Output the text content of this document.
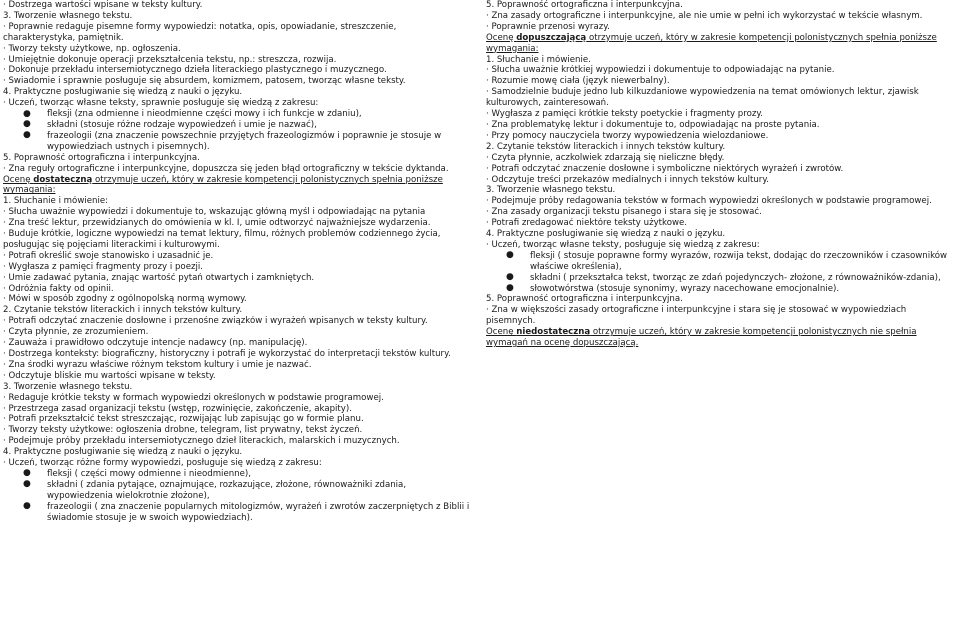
· Dostrzega wartości wpisane w teksty kultury.
3. Tworzenie własnego tekstu.
· Poprawnie redaguje pisemne formy wypowiedzi: notatka, opis, opowiadanie, streszczenie,
charakterystyka, pamiętnik.
· Tworzy teksty użytkowe, np. ogłoszenia.
· Umiejętnie dokonuje operacji przekształcenia tekstu, np.: streszcza, rozwija.
· Dokonuje przekładu intersemiotycznego dzieła literackiego plastycznego i muzycznego.
· Świadomie i sprawnie posługuje się absurdem, komizmem, patosem, tworząc własne teksty.
4. Praktyczne posługiwanie się wiedzą z nauki o języku.
· Uczeń, tworząc własne teksty, sprawnie posługuje się wiedzą z zakresu:
● fleksji (zna odmienne i nieodmienne części mowy i ich funkcje w zdaniu),
● składni (stosuje różne rodzaje wypowiedzeń i umie je nazwać),
● frazeologii (zna znaczenie powszechnie przyjętych frazeologizmów i poprawnie je stosuje w wypowiedziach ustnych i pisemnych).
5. Poprawność ortograficzna i interpunkcyjna.
· Zna reguły ortograficzne i interpunkcyjne, dopuszcza się jeden błąd ortograficzny w tekście dyktanda.
Ocenę dostateczną otrzymuje uczeń, który w zakresie kompetencji polonistycznych spełnia poniższe
wymagania:
1. Słuchanie i mówienie:
· Słucha uważnie wypowiedzi i dokumentuje to, wskazując główną myśl i odpowiadając na pytania
· Zna treść lektur, przewidzianych do omówienia w kl. I, umie odtworzyć najważniejsze wydarzenia.
· Buduje krótkie, logiczne wypowiedzi na temat lektury, filmu, różnych problemów codziennego życia,
posługując się pojęciami literackimi i kulturowymi.
· Potrafi określić swoje stanowisko i uzasadnić je.
· Wygłasza z pamięci fragmenty prozy i poezji.
· Umie zadawać pytania, znając wartość pytań otwartych i zamkniętych.
· Odróżnia fakty od opinii.
· Mówi w sposób zgodny z ogólnopolską normą wymowy.
2. Czytanie tekstów literackich i innych tekstów kultury.
· Potrafi odczytać znaczenie dosłowne i przenośne związków i wyrażeń wpisanych w teksty kultury.
· Czyta płynnie, ze zrozumieniem.
· Zauważa i prawidłowo odczytuje intencje nadawcy (np. manipulację).
· Dostrzega konteksty: biograficzny, historyczny i potrafi je wykorzystać do interpretacji tekstów kultury.
· Zna środki wyrazu właściwe różnym tekstom kultury i umie je nazwać.
· Odczytuje bliskie mu wartości wpisane w teksty.
3. Tworzenie własnego tekstu.
· Redaguje krótkie teksty w formach wypowiedzi określonych w podstawie programowej.
· Przestrzega zasad organizacji tekstu (wstęp, rozwinięcie, zakończenie, akapity).
· Potrafi przekształcić tekst streszczając, rozwijając lub zapisując go w formie planu.
· Tworzy teksty użytkowe: ogłoszenia drobne, telegram, list prywatny, tekst życzeń.
· Podejmuje próby przekładu intersemiotycznego dzieł literackich, malarskich i muzycznych.
4. Praktyczne posługiwanie się wiedzą z nauki o języku.
· Uczeń, tworząc różne formy wypowiedzi, posługuje się wiedzą z zakresu:
● fleksji ( części mowy odmienne i nieodmienne),
● składni ( zdania pytające, oznajmujące, rozkazujące, złożone, równoważniki zdania, wypowiedzenia wielokrotnie złożone),
● frazeologii ( zna znaczenie popularnych mitologizmów, wyrażeń i zwrotów zaczerpniętych z Biblii i świadomie stosuje je w swoich wypowiedziach).
5. Poprawność ortograficzna i interpunkcyjna.
· Zna zasady ortograficzne i interpunkcyjne, ale nie umie w pełni ich wykorzystać w tekście własnym.
· Poprawnie przenosi wyrazy.
Ocenę dopuszczającą otrzymuje uczeń, który w zakresie kompetencji polonistycznych spełnia poniższe
wymagania:
1. Słuchanie i mówienie.
· Słucha uważnie krótkiej wypowiedzi i dokumentuje to odpowiadając na pytanie.
· Rozumie mowę ciała (język niewerbalny).
· Samodzielnie buduje jedno lub kilkuzdaniowe wypowiedzenia na temat omówionych lektur, zjawisk
kulturowych, zainteresowań.
· Wygłasza z pamięci krótkie teksty poetyckie i fragmenty prozy.
· Zna problematykę lektur i dokumentuje to, odpowiadając na proste pytania.
· Przy pomocy nauczyciela tworzy wypowiedzenia wielozdaniowe.
2. Czytanie tekstów literackich i innych tekstów kultury.
· Czyta płynnie, aczkolwiek zdarzają się nieliczne błędy.
· Potrafi odczytać znaczenie dosłowne i symboliczne niektórych wyrażeń i zwrotów.
· Odczytuje treści przekazów medialnych i innych tekstów kultury.
3. Tworzenie własnego tekstu.
· Podejmuje próby redagowania tekstów w formach wypowiedzi określonych w podstawie programowej.
· Zna zasady organizacji tekstu pisanego i stara się je stosować.
· Potrafi zredagować niektóre teksty użytkowe.
4. Praktyczne posługiwanie się wiedzą z nauki o języku.
· Uczeń, tworząc własne teksty, posługuje się wiedzą z zakresu:
● fleksji ( stosuje poprawne formy wyrazów, rozwija tekst, dodając do rzeczowników i czasowników właściwe określenia),
● składni ( przekształca tekst, tworząc ze zdań pojedynczych- złożone, z równoważników-zdania),
● słowotwórstwa (stosuje synonimy, wyrazy nacechowane emocjonalnie).
5. Poprawność ortograficzna i interpunkcyjna.
· Zna w większości zasady ortograficzne i interpunkcyjne i stara się je stosować w wypowiedziach
pisemnych.
Ocenę niedostateczną otrzymuje uczeń, który w zakresie kompetencji polonistycznych nie spełnia
wymagań na ocenę dopuszczającą.
